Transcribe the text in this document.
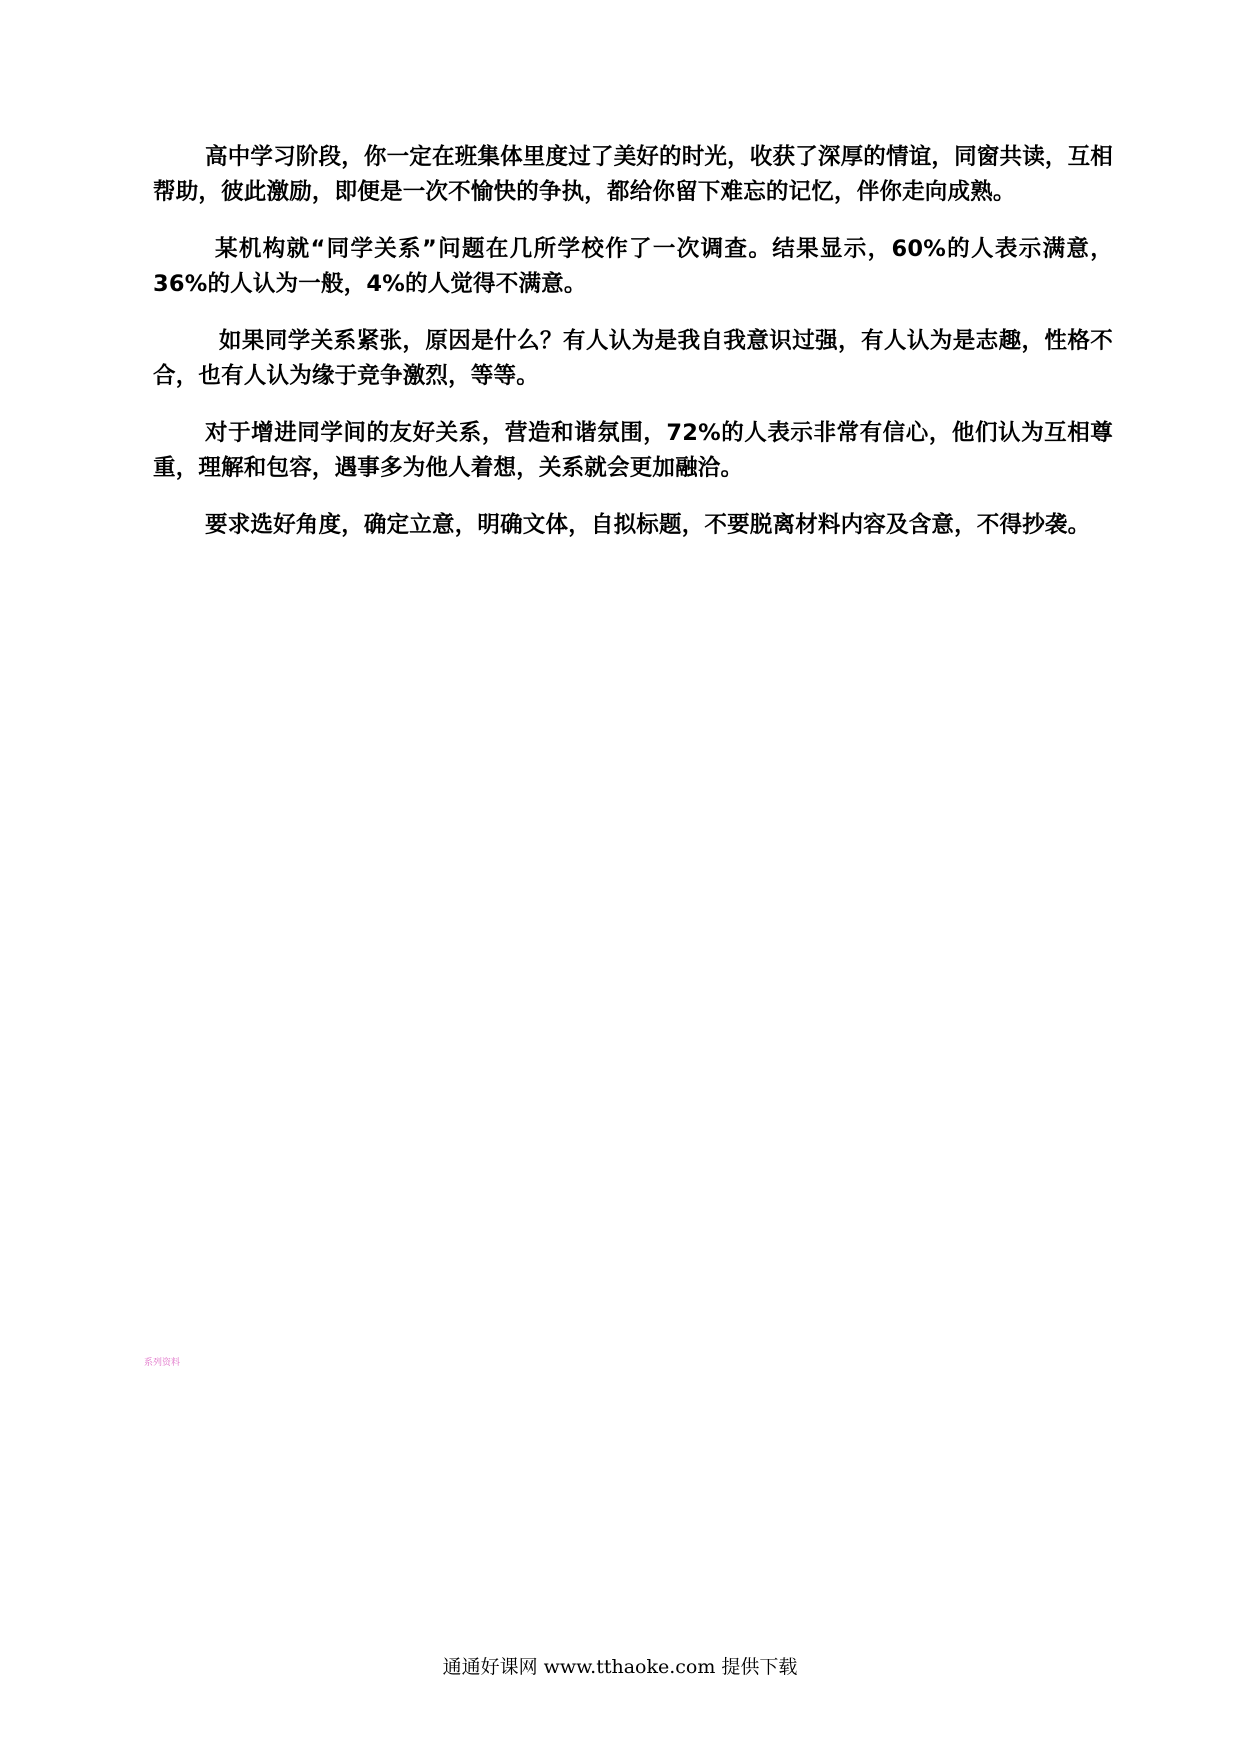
高中学习阶段，你一定在班集体里度过了美好的时光，收获了深厚的情谊，同窗共读，互相帮助，彼此激励，即便是一次不愉快的争执，都给你留下难忘的记忆，伴你走向成熟。

某机构就“同学关系”问题在几所学校作了一次调查。结果显示，60%的人表示满意，36%的人认为一般，4%的人觉得不满意。

如果同学关系紧张，原因是什么？有人认为是我自我意识过强，有人认为是志趣，性格不合，也有人认为缘于竞争激烈，等等。

对于增进同学间的友好关系，营造和谐氛围，72%的人表示非常有信心，他们认为互相尊重，理解和包容，遇事多为他人着想，关系就会更加融洽。

要求选好角度，确定立意，明确文体，自拟标题，不要脱离材料内容及含意，不得抄袭。

系列资料
通通好课网 www.tthaoke.com 提供下载
